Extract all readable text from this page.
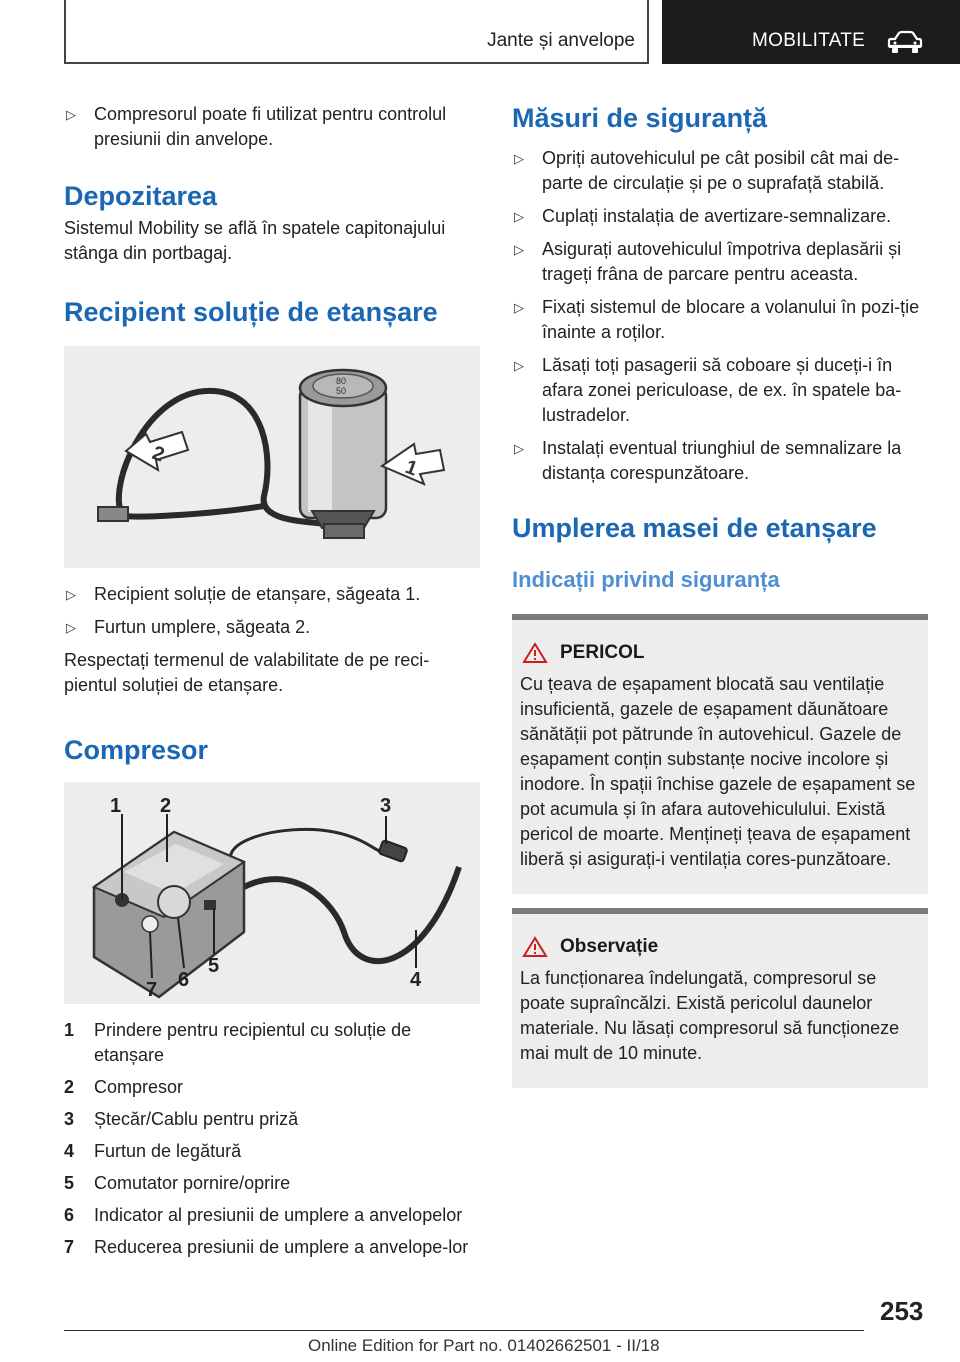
Jante și anvelope	MOBILITATE
▷ Compresorul poate fi utilizat pentru controlul presiunii din anvelope.
Depozitarea
Sistemul Mobility se află în spatele capitonajului stânga din portbagaj.
Recipient soluție de etanșare
2
80
50
1
▷ Recipient soluție de etanșare, săgeata 1.
▷ Furtun umplere, săgeata 2.
Respectați termenul de valabilitate de pe reci-pientul soluției de etanșare.
Compresor
1 2	3
4
5
6
7
1 Prindere pentru recipientul cu soluție de etanșare
2 Compresor
3 Ștecăr/Cablu pentru priză
4 Furtun de legătură
5 Comutator pornire/oprire
6 Indicator al presiunii de umplere a anvelopelor
7 Reducerea presiunii de umplere a anvelope-lor
Măsuri de siguranță
▷ Opriți autovehiculul pe cât posibil cât mai de-parte de circulație și pe o suprafață stabilă.
▷ Cuplați instalația de avertizare-semnalizare.
▷ Asigurați autovehiculul împotriva deplasării și trageți frâna de parcare pentru aceasta.
▷ Fixați sistemul de blocare a volanului în pozi-ție înainte a roților.
▷ Lăsați toți pasagerii să coboare și duceți-i în afara zonei periculoase, de ex. în spatele ba-lustradelor.
▷ Instalați eventual triunghiul de semnalizare la distanța corespunzătoare.
Umplerea masei de etanșare
Indicații privind siguranța
PERICOL
Cu țeava de eșapament blocată sau ventilație insuficientă, gazele de eșapament dăunătoare sănătății pot pătrunde în autovehicul. Gazele de eșapament conțin substanțe nocive incolore și inodore. În spații închise gazele de eșapament se pot acumula și în afara autovehiculului. Există pericol de moarte. Mențineți țeava de eșapament liberă și asigurați-i ventilația cores-punzătoare.
Observație
La funcționarea îndelungată, compresorul se poate supraîncălzi. Există pericolul daunelor materiale. Nu lăsați compresorul să funcționeze mai mult de 10 minute.
253
Online Edition for Part no. 01402662501 - II/18
